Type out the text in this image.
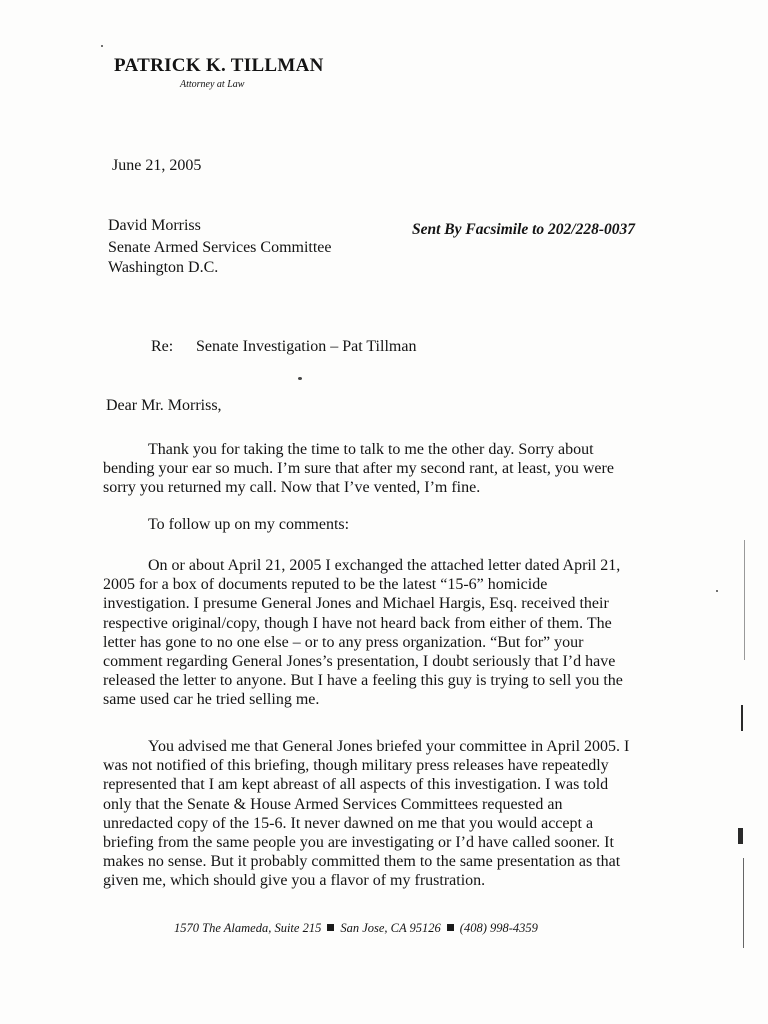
PATRICK K. TILLMAN
Attorney at Law
June 21, 2005
David Morriss
Senate Armed Services Committee
Washington D.C.
Sent By Facsimile to 202/228-0037
Re: Senate Investigation – Pat Tillman
Dear Mr. Morriss,
Thank you for taking the time to talk to me the other day. Sorry about
bending your ear so much. I’m sure that after my second rant, at least, you were
sorry you returned my call. Now that I’ve vented, I’m fine.
To follow up on my comments:
On or about April 21, 2005 I exchanged the attached letter dated April 21,
2005 for a box of documents reputed to be the latest “15-6” homicide
investigation. I presume General Jones and Michael Hargis, Esq. received their
respective original/copy, though I have not heard back from either of them. The
letter has gone to no one else – or to any press organization. “But for” your
comment regarding General Jones’s presentation, I doubt seriously that I’d have
released the letter to anyone. But I have a feeling this guy is trying to sell you the
same used car he tried selling me.
You advised me that General Jones briefed your committee in April 2005. I
was not notified of this briefing, though military press releases have repeatedly
represented that I am kept abreast of all aspects of this investigation. I was told
only that the Senate & House Armed Services Committees requested an
unredacted copy of the 15-6. It never dawned on me that you would accept a
briefing from the same people you are investigating or I’d have called sooner. It
makes no sense. But it probably committed them to the same presentation as that
given me, which should give you a flavor of my frustration.
1570 The Alameda, Suite 215 San Jose, CA 95126 (408) 998-4359
